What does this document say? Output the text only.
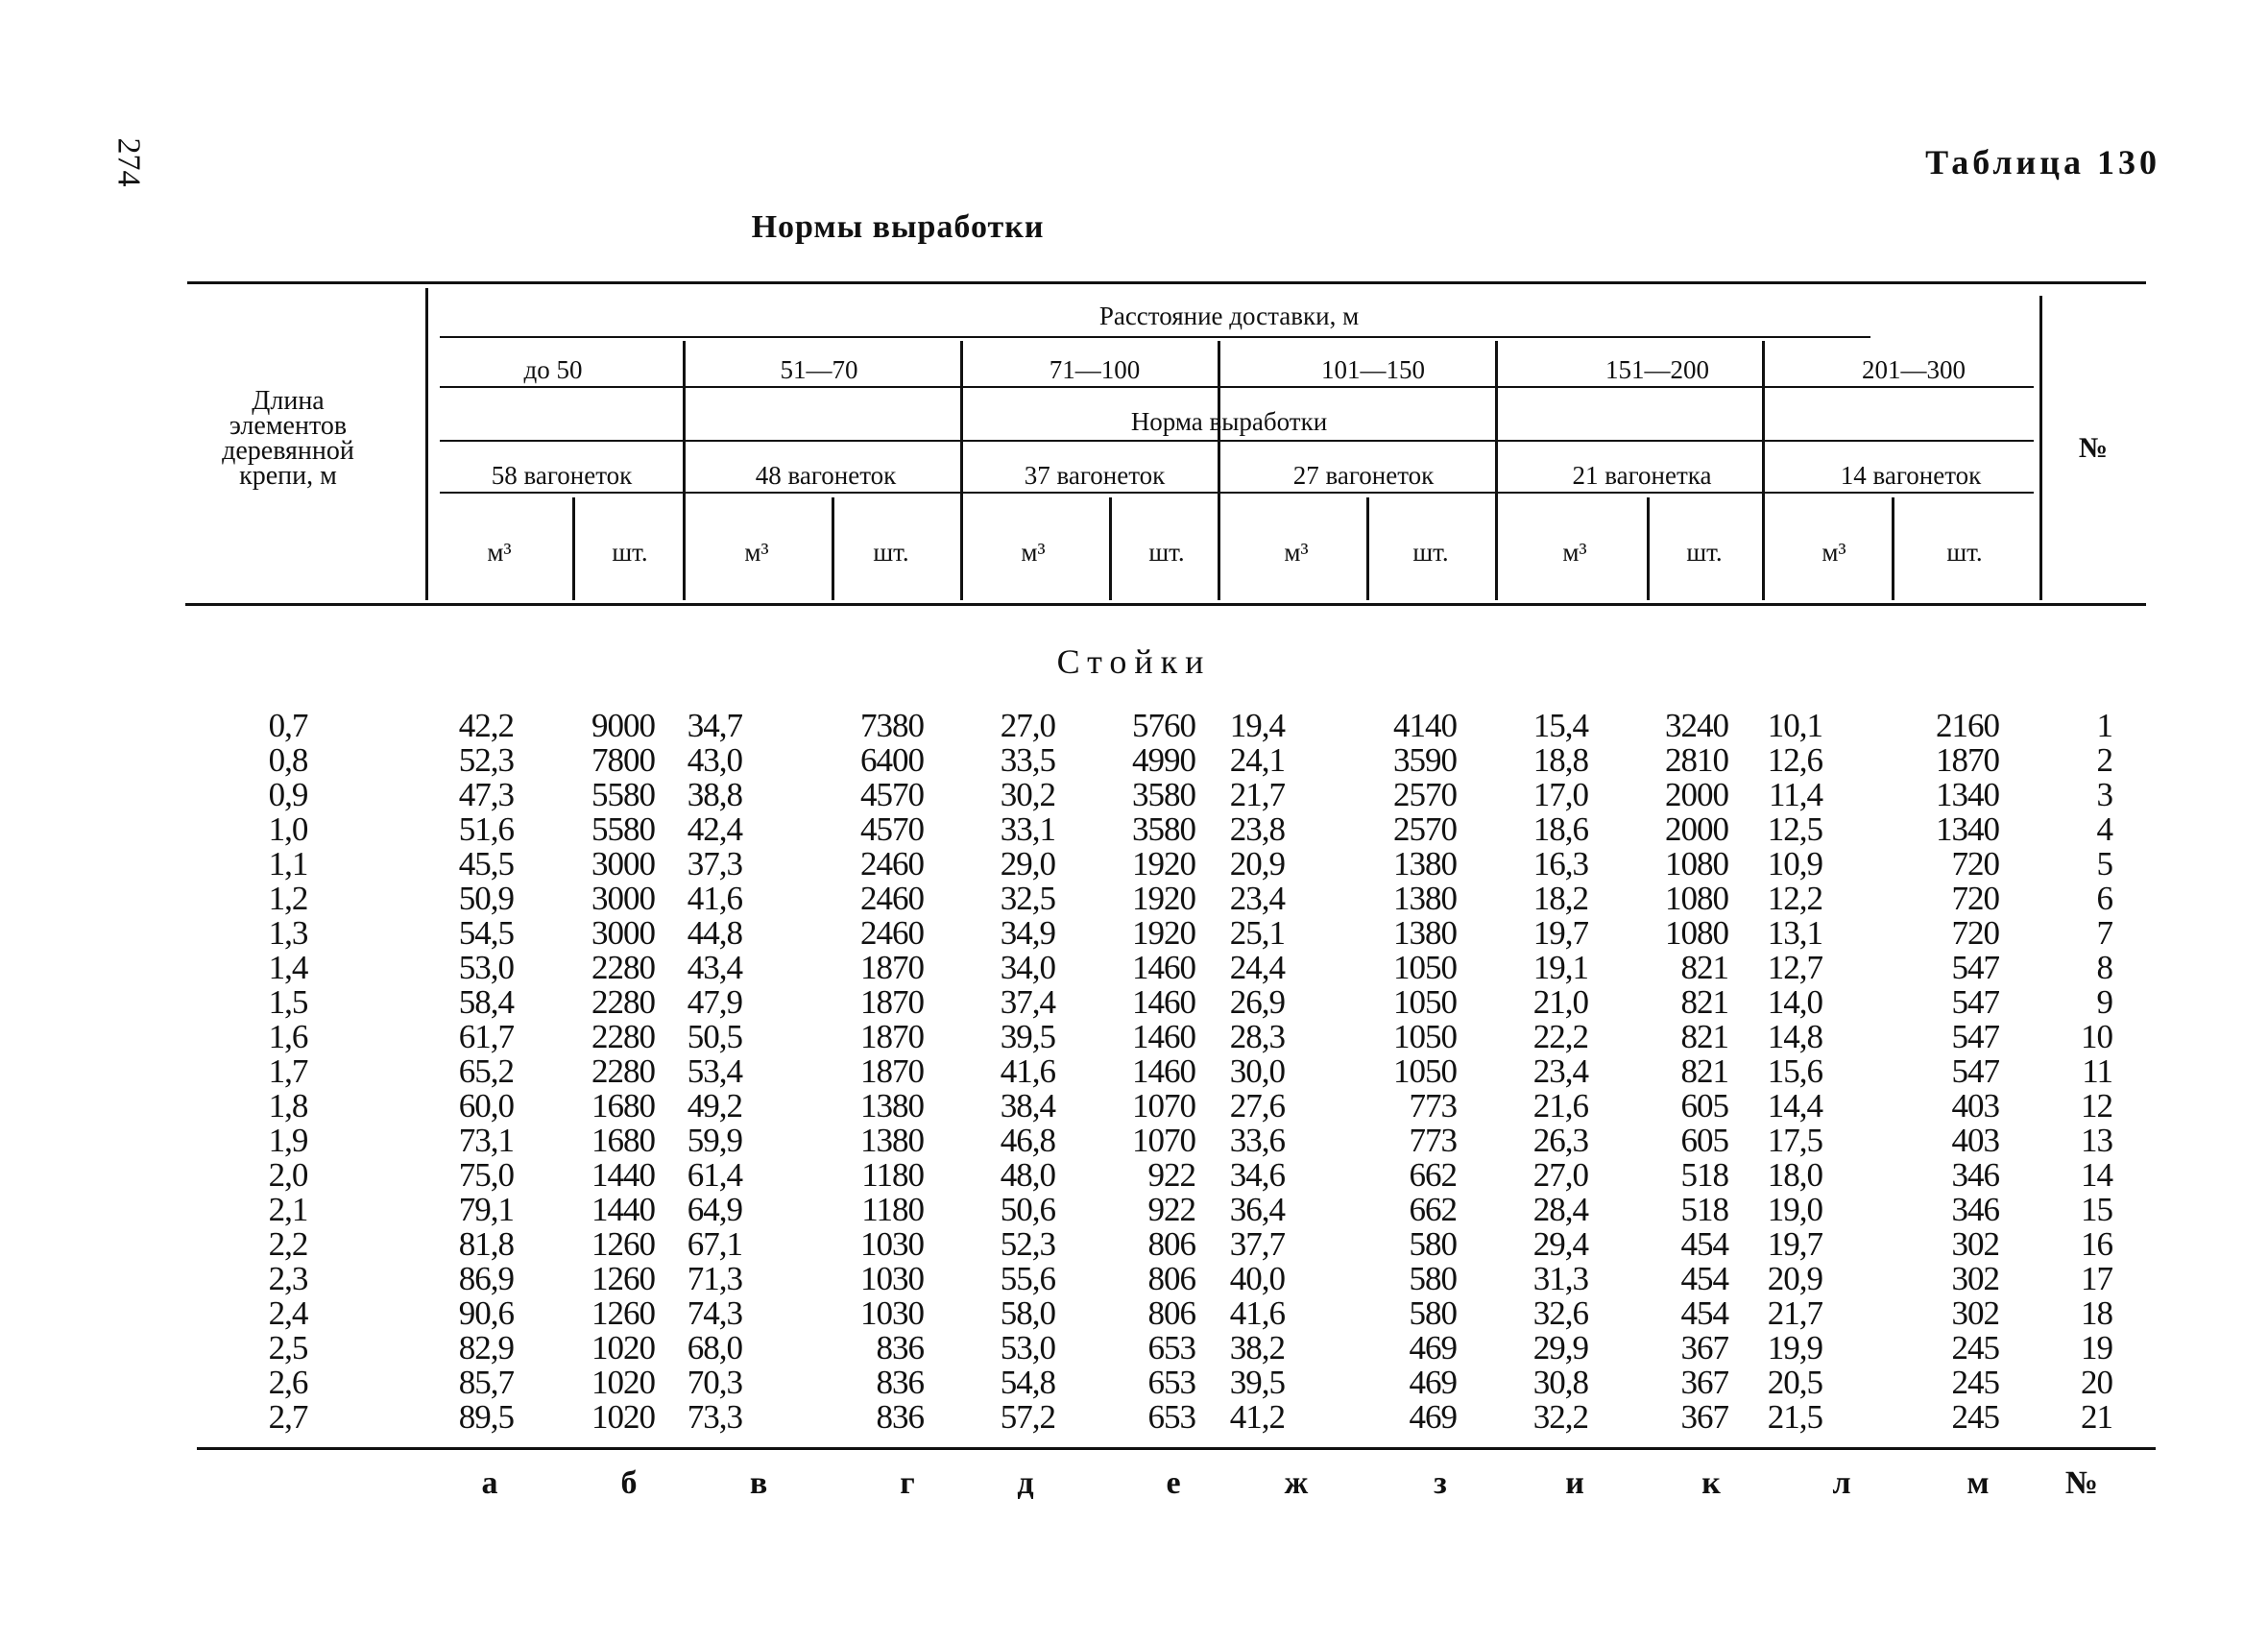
274	Таблица 130
Нормы выработки
Длина
элементов
деревянной
крепи, м
Расстояние доставки, м
до 50	51—70	71—100	101—150	151—200	201—300
Норма выработки
58 вагонеток	48 вагонеток	37 вагонеток	27 вагонеток	21 вагонетка	14 вагонеток
м³	шт.	м³	шт.	м³	шт.	м³	шт.	м³	шт.	м³	шт.
№
Стойки
0,7	42,2	9000 34,7	7380	27,0	5760	19,4	4140	15,4	3240	10,1	2160	1
0,8	52,3	7800 43,0	6400	33,5	4990	24,1	3590	18,8	2810	12,6	1870	2
0,9	47,3	5580 38,8	4570	30,2	3580	21,7	2570	17,0	2000	11,4	1340	3
1,0	51,6	5580 42,4	4570	33,1	3580	23,8	2570	18,6	2000	12,5	1340	4
1,1	45,5	3000 37,3	2460	29,0	1920	20,9	1380	16,3	1080	10,9	720	5
1,2	50,9	3000 41,6	2460	32,5	1920	23,4	1380	18,2	1080	12,2	720	6
1,3	54,5	3000 44,8	2460	34,9	1920	25,1	1380	19,7	1080	13,1	720	7
1,4	53,0	2280 43,4	1870	34,0	1460	24,4	1050	19,1	821	12,7	547	8
1,5	58,4	2280 47,9	1870	37,4	1460	26,9	1050	21,0	821	14,0	547	9
1,6	61,7	2280 50,5	1870	39,5	1460	28,3	1050	22,2	821	14,8	547	10
1,7	65,2	2280 53,4	1870	41,6	1460	30,0	1050	23,4	821	15,6	547	11
1,8	60,0	1680 49,2	1380	38,4	1070	27,6	773	21,6	605	14,4	403	12
1,9	73,1	1680 59,9	1380	46,8	1070	33,6	773	26,3	605	17,5	403	13
2,0	75,0	1440 61,4	1180	48,0	922	34,6	662	27,0	518	18,0	346	14
2,1	79,1	1440 64,9	1180	50,6	922	36,4	662	28,4	518	19,0	346	15
2,2	81,8	1260 67,1	1030	52,3	806	37,7	580	29,4	454	19,7	302	16
2,3	86,9	1260 71,3	1030	55,6	806	40,0	580	31,3	454	20,9	302	17
2,4	90,6	1260 74,3	1030	58,0	806	41,6	580	32,6	454	21,7	302	18
2,5	82,9	1020 68,0	836	53,0	653	38,2	469	29,9	367	19,9	245	19
2,6	85,7	1020 70,3	836	54,8	653	39,5	469	30,8	367	20,5	245	20
2,7	89,5	1020 73,3	836	57,2	653	41,2	469	32,2	367	21,5	245	21
а	б	в	г	д	е	ж	з	и	к	л	м	№
